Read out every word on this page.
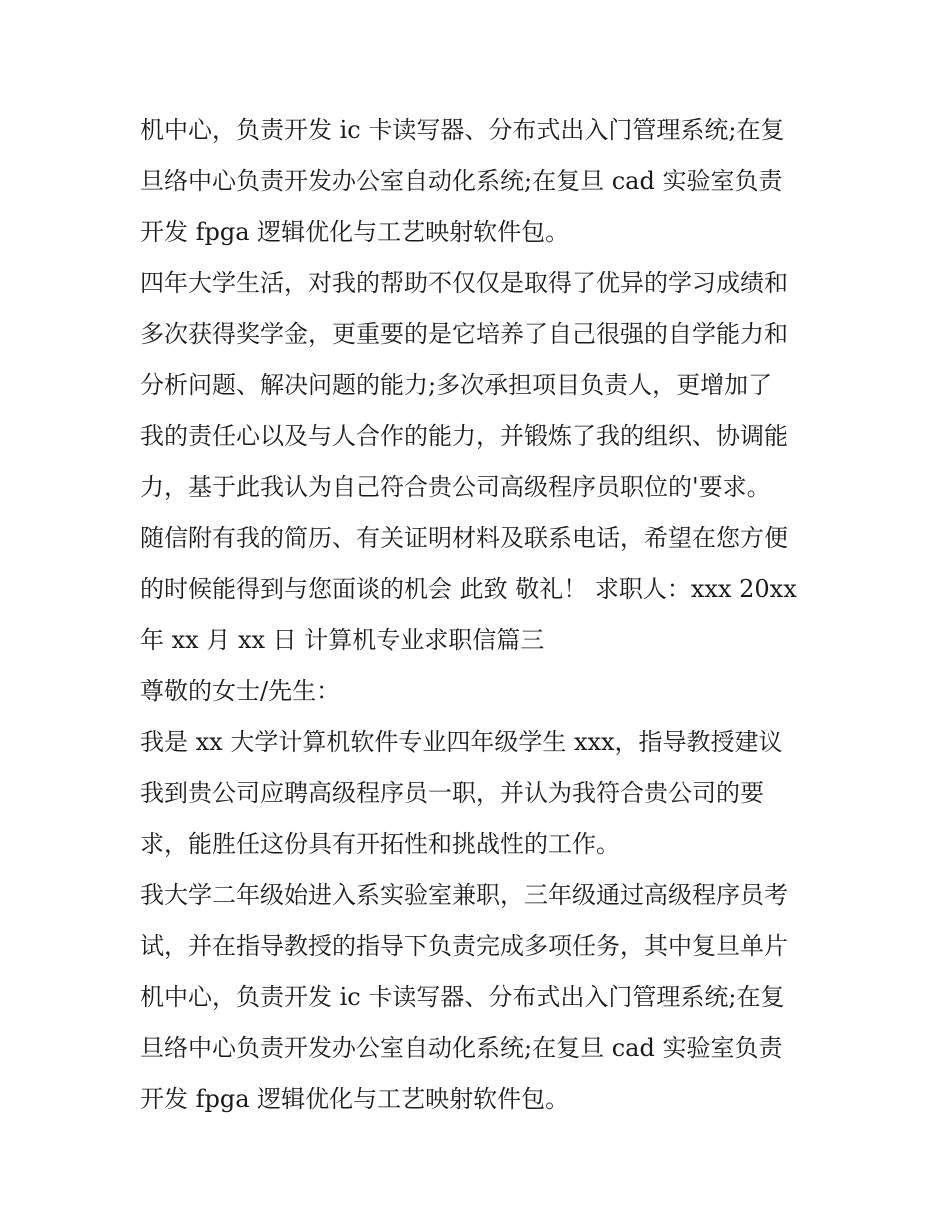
机中心，负责开发 ic 卡读写器、分布式出入门管理系统;在复
旦络中心负责开发办公室自动化系统;在复旦 cad 实验室负责
开发 fpga 逻辑优化与工艺映射软件包。
四年大学生活，对我的帮助不仅仅是取得了优异的学习成绩和
多次获得奖学金，更重要的是它培养了自己很强的自学能力和
分析问题、解决问题的能力;多次承担项目负责人，更增加了
我的责任心以及与人合作的能力，并锻炼了我的组织、协调能
力，基于此我认为自己符合贵公司高级程序员职位的'要求。
随信附有我的简历、有关证明材料及联系电话，希望在您方便
的时候能得到与您面谈的机会 此致 敬礼！ 求职人：xxx 20xx
年 xx 月 xx 日 计算机专业求职信篇三
尊敬的女士/先生：
我是 xx 大学计算机软件专业四年级学生 xxx，指导教授建议
我到贵公司应聘高级程序员一职，并认为我符合贵公司的要
求，能胜任这份具有开拓性和挑战性的工作。
我大学二年级始进入系实验室兼职，三年级通过高级程序员考
试，并在指导教授的指导下负责完成多项任务，其中复旦单片
机中心，负责开发 ic 卡读写器、分布式出入门管理系统;在复
旦络中心负责开发办公室自动化系统;在复旦 cad 实验室负责
开发 fpga 逻辑优化与工艺映射软件包。
